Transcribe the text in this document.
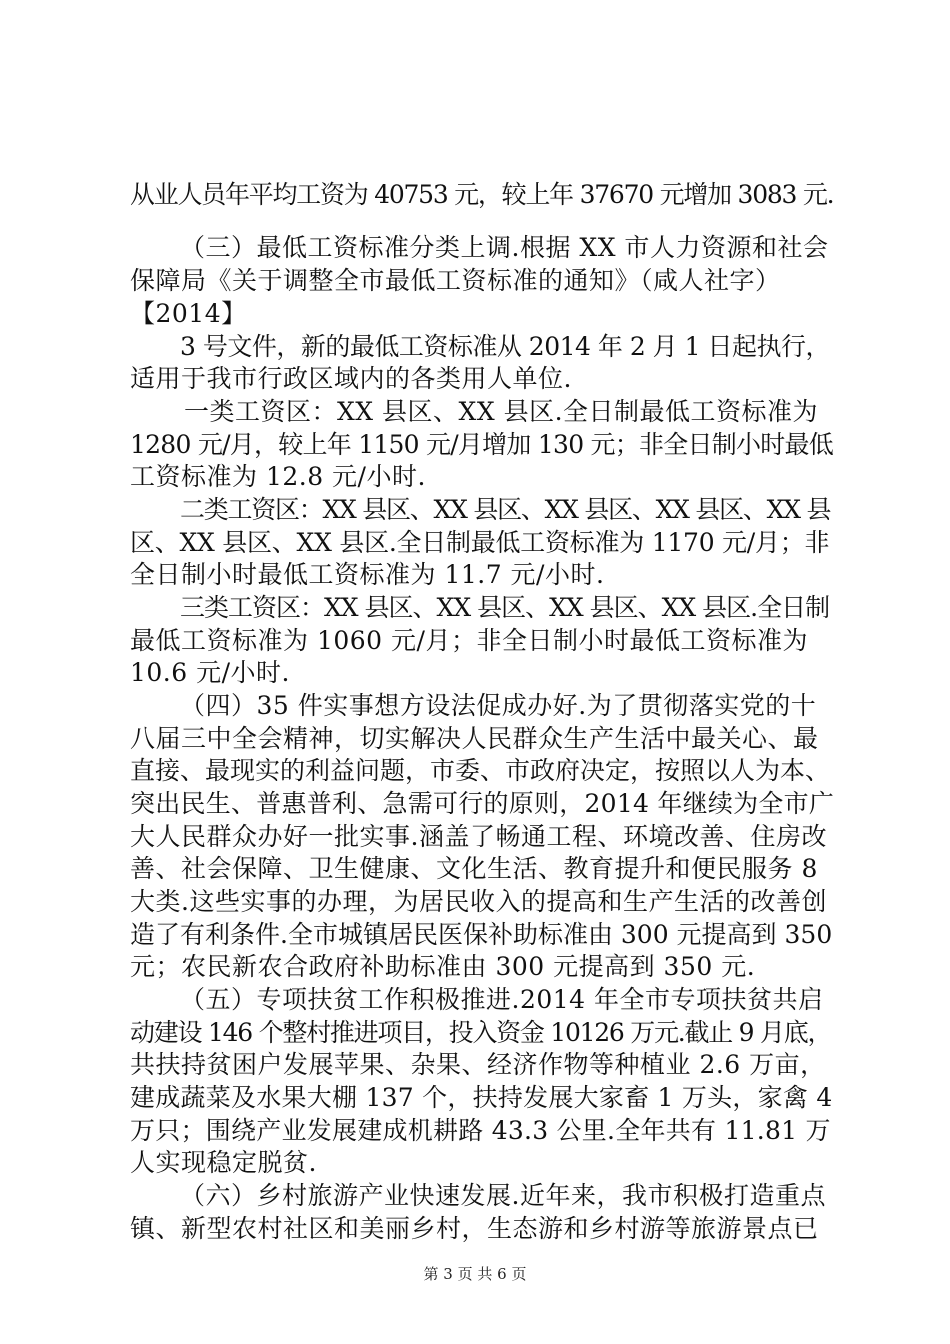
从业人员年平均工资为 40753 元，较上年 37670 元增加 3083 元.
（三）最低工资标准分类上调.根据 XX 市人力资源和社会
保障局《关于调整全市最低工资标准的通知》（咸人社字）
【2014】
3 号文件，新的最低工资标准从 2014 年 2 月 1 日起执行，
适用于我市行政区域内的各类用人单位.
一类工资区：XX 县区、XX 县区.全日制最低工资标准为
1280 元/月，较上年 1150 元/月增加 130 元；非全日制小时最低
工资标准为 12.8 元/小时.
二类工资区：XX 县区、XX 县区、XX 县区、XX 县区、XX 县
区、XX 县区、XX 县区.全日制最低工资标准为 1170 元/月；非
全日制小时最低工资标准为 11.7 元/小时.
三类工资区：XX 县区、XX 县区、XX 县区、XX 县区.全日制
最低工资标准为 1060 元/月；非全日制小时最低工资标准为
10.6 元/小时.
（四）35 件实事想方设法促成办好.为了贯彻落实党的十
八届三中全会精神，切实解决人民群众生产生活中最关心、最
直接、最现实的利益问题，市委、市政府决定，按照以人为本、
突出民生、普惠普利、急需可行的原则，2014 年继续为全市广
大人民群众办好一批实事.涵盖了畅通工程、环境改善、住房改
善、社会保障、卫生健康、文化生活、教育提升和便民服务 8
大类.这些实事的办理，为居民收入的提高和生产生活的改善创
造了有利条件.全市城镇居民医保补助标准由 300 元提高到 350
元；农民新农合政府补助标准由 300 元提高到 350 元.
（五）专项扶贫工作积极推进.2014 年全市专项扶贫共启
动建设 146 个整村推进项目，投入资金 10126 万元.截止 9 月底，
共扶持贫困户发展苹果、杂果、经济作物等种植业 2.6 万亩，
建成蔬菜及水果大棚 137 个，扶持发展大家畜 1 万头，家禽 4
万只；围绕产业发展建成机耕路 43.3 公里.全年共有 11.81 万
人实现稳定脱贫.
（六）乡村旅游产业快速发展.近年来，我市积极打造重点
镇、新型农村社区和美丽乡村，生态游和乡村游等旅游景点已
第 3 页 共 6 页
